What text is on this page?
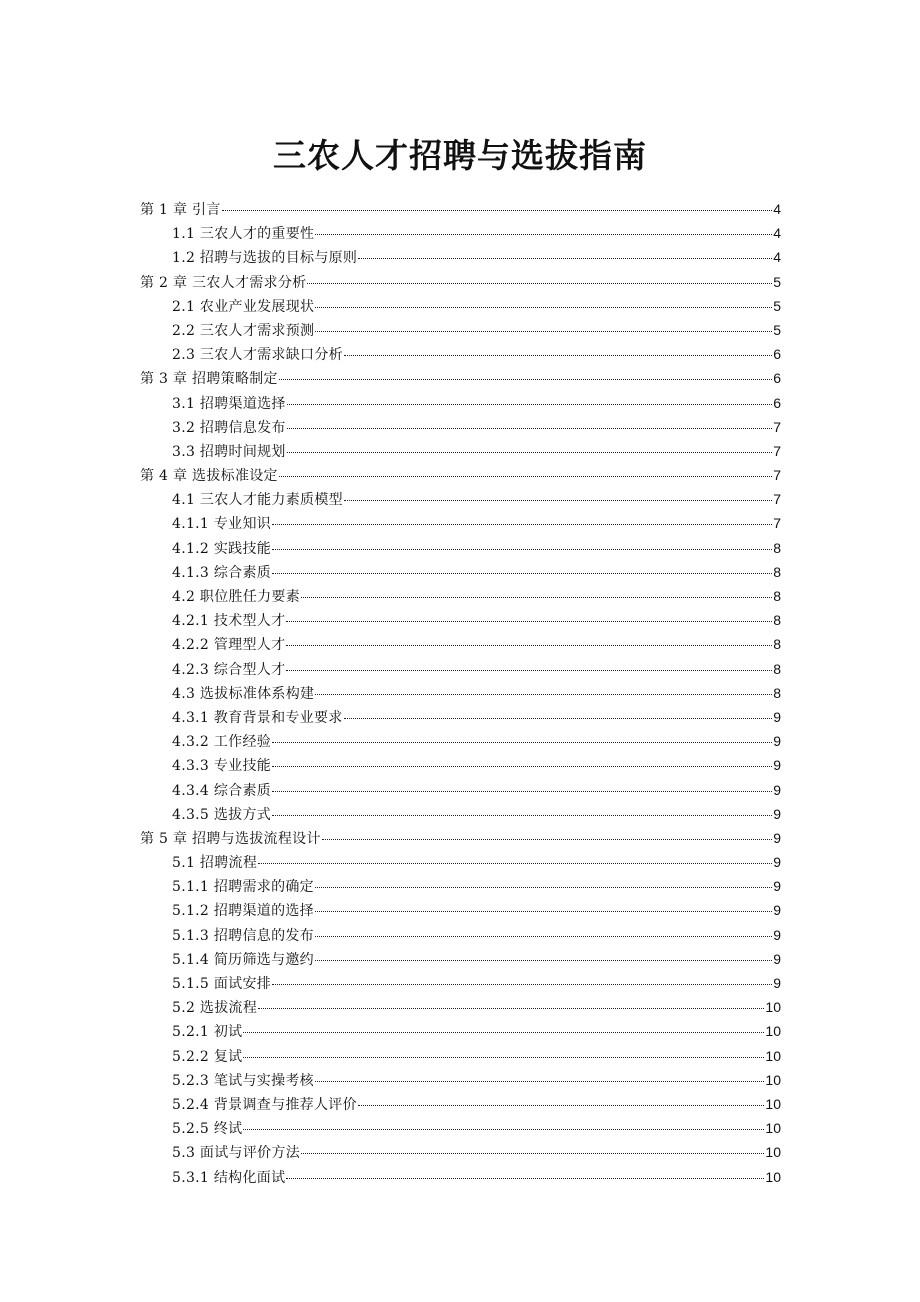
三农人才招聘与选拔指南
第 1 章 引言	4
1.1 三农人才的重要性	4
1.2 招聘与选拔的目标与原则	4
第 2 章 三农人才需求分析	5
2.1 农业产业发展现状	5
2.2 三农人才需求预测	5
2.3 三农人才需求缺口分析	6
第 3 章 招聘策略制定	6
3.1 招聘渠道选择	6
3.2 招聘信息发布	7
3.3 招聘时间规划	7
第 4 章 选拔标准设定	7
4.1 三农人才能力素质模型	7
4.1.1 专业知识	7
4.1.2 实践技能	8
4.1.3 综合素质	8
4.2 职位胜任力要素	8
4.2.1 技术型人才	8
4.2.2 管理型人才	8
4.2.3 综合型人才	8
4.3 选拔标准体系构建	8
4.3.1 教育背景和专业要求	9
4.3.2 工作经验	9
4.3.3 专业技能	9
4.3.4 综合素质	9
4.3.5 选拔方式	9
第 5 章 招聘与选拔流程设计	9
5.1 招聘流程	9
5.1.1 招聘需求的确定	9
5.1.2 招聘渠道的选择	9
5.1.3 招聘信息的发布	9
5.1.4 简历筛选与邀约	9
5.1.5 面试安排	9
5.2 选拔流程	10
5.2.1 初试	10
5.2.2 复试	10
5.2.3 笔试与实操考核	10
5.2.4 背景调查与推荐人评价	10
5.2.5 终试	10
5.3 面试与评价方法	10
5.3.1 结构化面试	10
